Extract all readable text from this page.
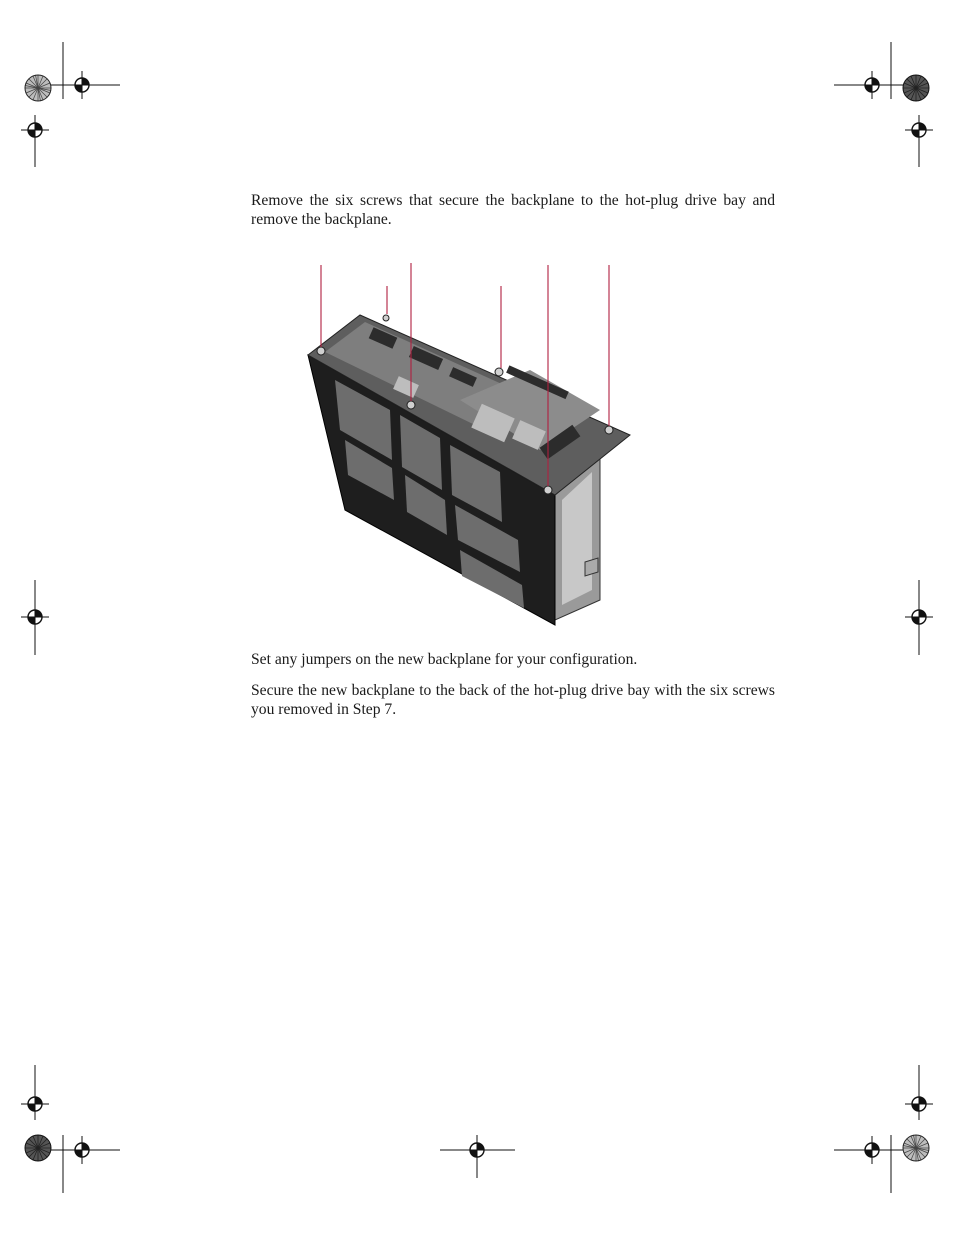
Remove the six screws that secure the backplane to the hot-plug drive bay and remove the backplane.

Set any jumpers on the new backplane for your configuration.

Secure the new backplane to the back of the hot-plug drive bay with the six screws you removed in Step 7.
